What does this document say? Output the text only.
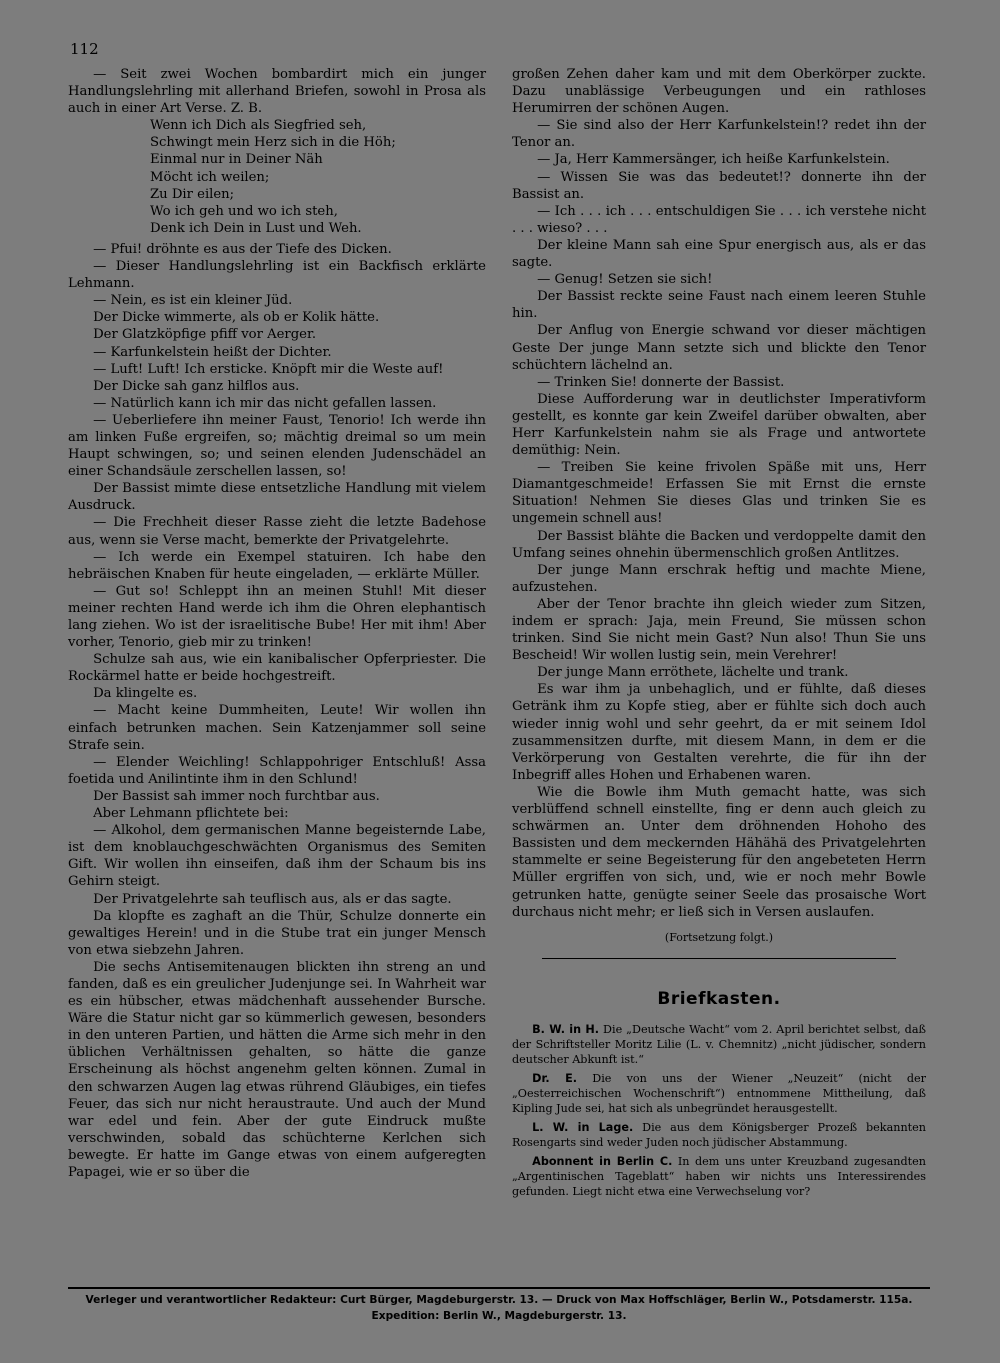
112

— Seit zwei Wochen bombardirt mich ein junger Handlungslehrling mit allerhand Briefen, sowohl in Prosa als auch in einer Art Verse. Z. B.

Wenn ich Dich als Siegfried seh,
Schwingt mein Herz sich in die Höh;
Einmal nur in Deiner Näh
Möcht ich weilen;
Zu Dir eilen;
Wo ich geh und wo ich steh,
Denk ich Dein in Lust und Weh.

— Pfui! dröhnte es aus der Tiefe des Dicken.

— Dieser Handlungslehrling ist ein Backfisch erklärte Lehmann.

— Nein, es ist ein kleiner Jüd.

Der Dicke wimmerte, als ob er Kolik hätte.

Der Glatzköpfige pfiff vor Aerger.

— Karfunkelstein heißt der Dichter.

— Luft! Luft! Ich ersticke. Knöpft mir die Weste auf!

Der Dicke sah ganz hilflos aus.

— Natürlich kann ich mir das nicht gefallen lassen.

— Ueberliefere ihn meiner Faust, Tenorio! Ich werde ihn am linken Fuße ergreifen, so; mächtig dreimal so um mein Haupt schwingen, so; und seinen elenden Judenschädel an einer Schandsäule zerschellen lassen, so!

Der Bassist mimte diese entsetzliche Handlung mit vielem Ausdruck.

— Die Frechheit dieser Rasse zieht die letzte Badehose aus, wenn sie Verse macht, bemerkte der Privatgelehrte.

— Ich werde ein Exempel statuiren. Ich habe den hebräischen Knaben für heute eingeladen, — erklärte Müller.

— Gut so! Schleppt ihn an meinen Stuhl! Mit dieser meiner rechten Hand werde ich ihm die Ohren elephantisch lang ziehen. Wo ist der israelitische Bube! Her mit ihm! Aber vorher, Tenorio, gieb mir zu trinken!

Schulze sah aus, wie ein kanibalischer Opferpriester. Die Rockärmel hatte er beide hochgestreift.

Da klingelte es.

— Macht keine Dummheiten, Leute! Wir wollen ihn einfach betrunken machen. Sein Katzenjammer soll seine Strafe sein.

— Elender Weichling! Schlappohriger Entschluß! Assa foetida und Anilintinte ihm in den Schlund!

Der Bassist sah immer noch furchtbar aus.

Aber Lehmann pflichtete bei:

— Alkohol, dem germanischen Manne begeisternde Labe, ist dem knoblauchgeschwächten Organismus des Semiten Gift. Wir wollen ihn einseifen, daß ihm der Schaum bis ins Gehirn steigt.

Der Privatgelehrte sah teuflisch aus, als er das sagte.

Da klopfte es zaghaft an die Thür, Schulze donnerte ein gewaltiges Herein! und in die Stube trat ein junger Mensch von etwa siebzehn Jahren.

Die sechs Antisemitenaugen blickten ihn streng an und fanden, daß es ein greulicher Judenjunge sei. In Wahrheit war es ein hübscher, etwas mädchenhaft aussehender Bursche. Wäre die Statur nicht gar so kümmerlich gewesen, besonders in den unteren Partien, und hätten die Arme sich mehr in den üblichen Verhältnissen gehalten, so hätte die ganze Erscheinung als höchst angenehm gelten können. Zumal in den schwarzen Augen lag etwas rührend Gläubiges, ein tiefes Feuer, das sich nur nicht heraustraute. Und auch der Mund war edel und fein. Aber der gute Eindruck mußte verschwinden, sobald das schüchterne Kerlchen sich bewegte. Er hatte im Gange etwas von einem aufgeregten Papagei, wie er so über die

großen Zehen daher kam und mit dem Oberkörper zuckte. Dazu unablässige Verbeugungen und ein rathloses Herumirren der schönen Augen.

— Sie sind also der Herr Karfunkelstein!? redet ihn der Tenor an.

— Ja, Herr Kammersänger, ich heiße Karfunkelstein.

— Wissen Sie was das bedeutet!? donnerte ihn der Bassist an.

— Ich . . . ich . . . entschuldigen Sie . . . ich verstehe nicht . . . wieso? . . .

Der kleine Mann sah eine Spur energisch aus, als er das sagte.

— Genug! Setzen sie sich!

Der Bassist reckte seine Faust nach einem leeren Stuhle hin.

Der Anflug von Energie schwand vor dieser mächtigen Geste Der junge Mann setzte sich und blickte den Tenor schüchtern lächelnd an.

— Trinken Sie! donnerte der Bassist.

Diese Aufforderung war in deutlichster Imperativform gestellt, es konnte gar kein Zweifel darüber obwalten, aber Herr Karfunkelstein nahm sie als Frage und antwortete demüthig: Nein.

— Treiben Sie keine frivolen Späße mit uns, Herr Diamantgeschmeide! Erfassen Sie mit Ernst die ernste Situation! Nehmen Sie dieses Glas und trinken Sie es ungemein schnell aus!

Der Bassist blähte die Backen und verdoppelte damit den Umfang seines ohnehin übermenschlich großen Antlitzes.

Der junge Mann erschrak heftig und machte Miene, aufzustehen.

Aber der Tenor brachte ihn gleich wieder zum Sitzen, indem er sprach: Jaja, mein Freund, Sie müssen schon trinken. Sind Sie nicht mein Gast? Nun also! Thun Sie uns Bescheid! Wir wollen lustig sein, mein Verehrer!

Der junge Mann erröthete, lächelte und trank.

Es war ihm ja unbehaglich, und er fühlte, daß dieses Getränk ihm zu Kopfe stieg, aber er fühlte sich doch auch wieder innig wohl und sehr geehrt, da er mit seinem Idol zusammensitzen durfte, mit diesem Mann, in dem er die Verkörperung von Gestalten verehrte, die für ihn der Inbegriff alles Hohen und Erhabenen waren.

Wie die Bowle ihm Muth gemacht hatte, was sich verblüffend schnell einstellte, fing er denn auch gleich zu schwärmen an. Unter dem dröhnenden Hohoho des Bassisten und dem meckernden Hähähä des Privatgelehrten stammelte er seine Begeisterung für den angebeteten Herrn Müller ergriffen von sich, und, wie er noch mehr Bowle getrunken hatte, genügte seiner Seele das prosaische Wort durchaus nicht mehr; er ließ sich in Versen auslaufen.

(Fortsetzung folgt.)
Briefkasten.

B. W. in H. Die „Deutsche Wacht“ vom 2. April berichtet selbst, daß der Schriftsteller Moritz Lilie (L. v. Chemnitz) „nicht jüdischer, sondern deutscher Abkunft ist.“

Dr. E. Die von uns der Wiener „Neuzeit“ (nicht der „Oesterreichischen Wochenschrift“) entnommene Mittheilung, daß Kipling Jude sei, hat sich als unbegründet herausgestellt.

L. W. in Lage. Die aus dem Königsberger Prozeß bekannten Rosengarts sind weder Juden noch jüdischer Abstammung.

Abonnent in Berlin C. In dem uns unter Kreuzband zugesandten „Argentinischen Tageblatt“ haben wir nichts uns Interessirendes gefunden. Liegt nicht etwa eine Verwechselung vor?

Verleger und verantwortlicher Redakteur: Curt Bürger, Magdeburgerstr. 13. — Druck von Max Hoffschläger, Berlin W., Potsdamerstr. 115a.
Expedition: Berlin W., Magdeburgerstr. 13.
